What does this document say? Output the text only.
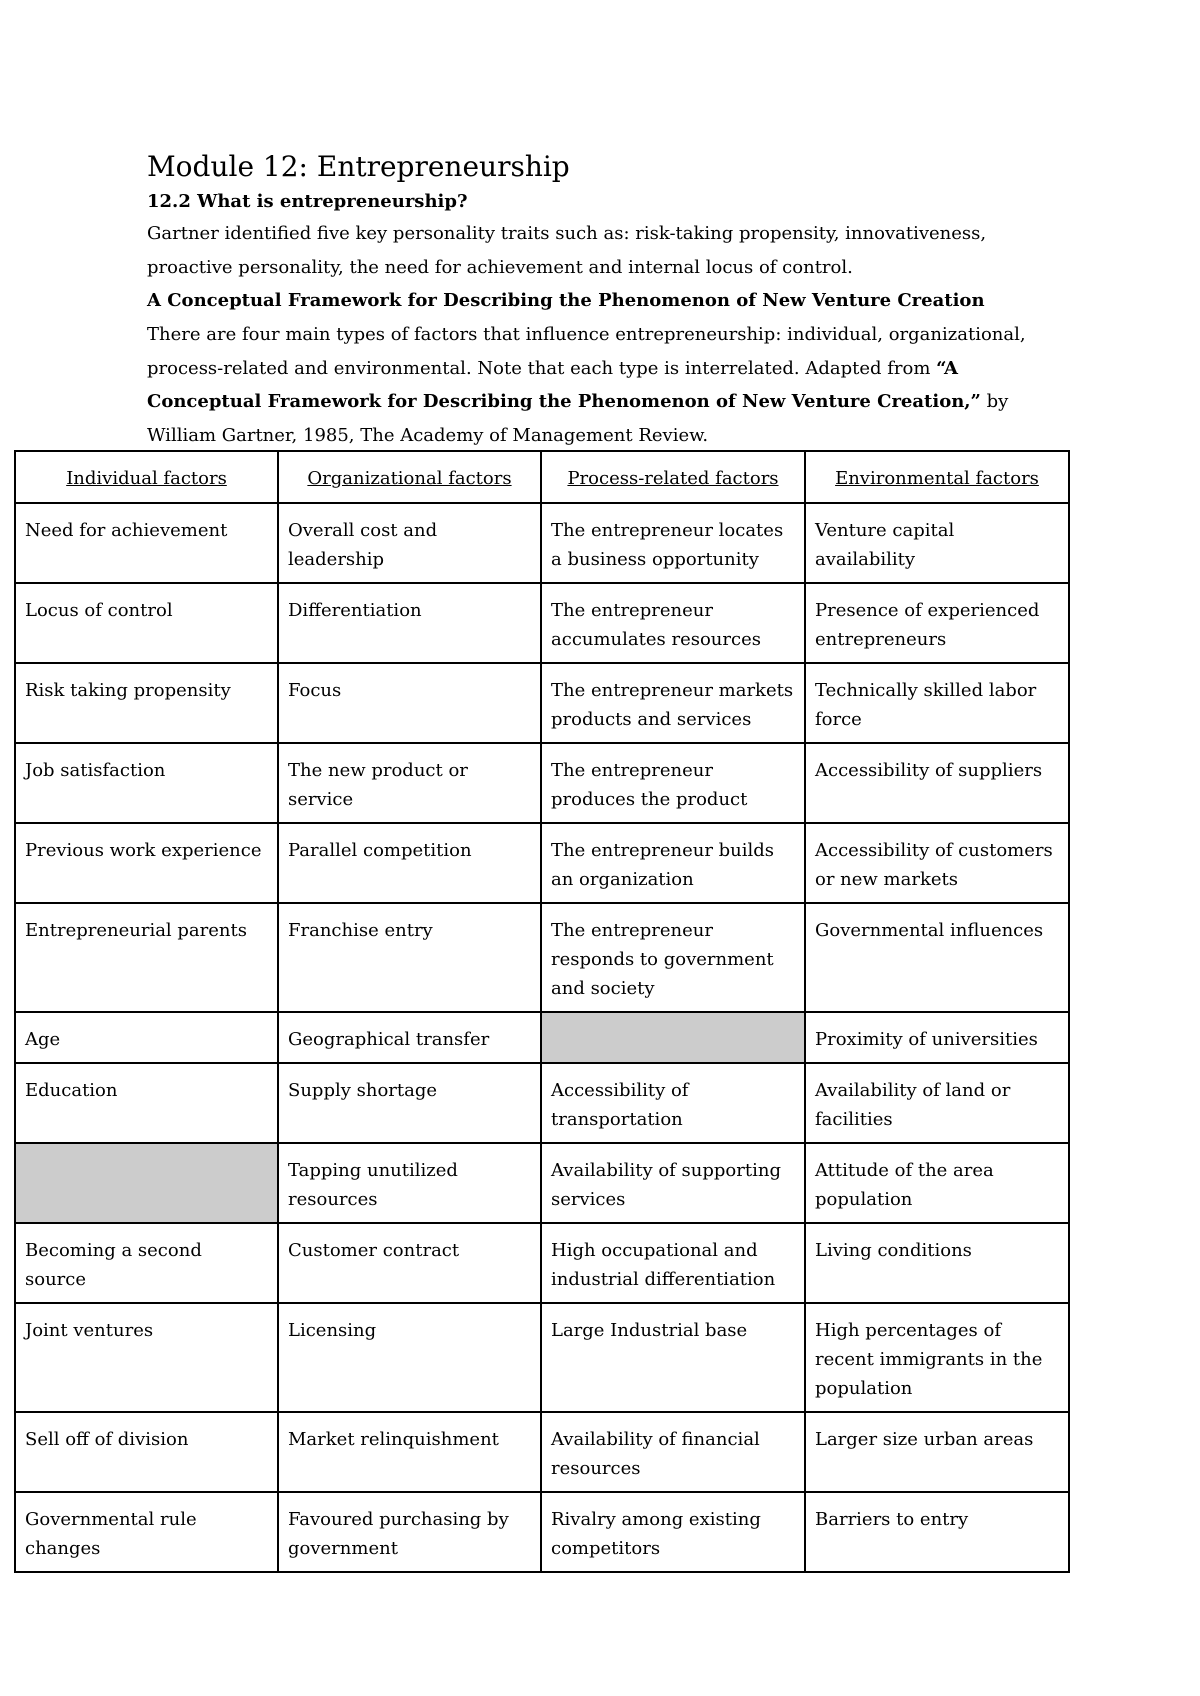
Module 12: Entrepreneurship
12.2 What is entrepreneurship?

Gartner identified five key personality traits such as: risk-taking propensity, innovativeness, proactive personality, the need for achievement and internal locus of control.

A Conceptual Framework for Describing the Phenomenon of New Venture Creation

There are four main types of factors that influence entrepreneurship: individual, organizational, process-related and environmental. Note that each type is interrelated. Adapted from “A Conceptual Framework for Describing the Phenomenon of New Venture Creation,” by William Gartner, 1985, The Academy of Management Review.

Individual factors	Organizational factors	Process-related factors	Environmental factors
Need for achievement	Overall cost and leadership	The entrepreneur locates a business opportunity	Venture capital availability
Locus of control	Differentiation	The entrepreneur accumulates resources	Presence of experienced entrepreneurs
Risk taking propensity	Focus	The entrepreneur markets products and services	Technically skilled labor force
Job satisfaction	The new product or service	The entrepreneur produces the product	Accessibility of suppliers
Previous work experience	Parallel competition	The entrepreneur builds an organization	Accessibility of customers or new markets
Entrepreneurial parents	Franchise entry	The entrepreneur responds to government and society	Governmental influences
Age	Geographical transfer		Proximity of universities
Education	Supply shortage	Accessibility of transportation	Availability of land or facilities
	Tapping unutilized resources	Availability of supporting services	Attitude of the area population
Becoming a second source	Customer contract	High occupational and industrial differentiation	Living conditions
Joint ventures	Licensing	Large Industrial base	High percentages of recent immigrants in the population
Sell off of division	Market relinquishment	Availability of financial resources	Larger size urban areas
Governmental rule changes	Favoured purchasing by government	Rivalry among existing competitors	Barriers to entry
